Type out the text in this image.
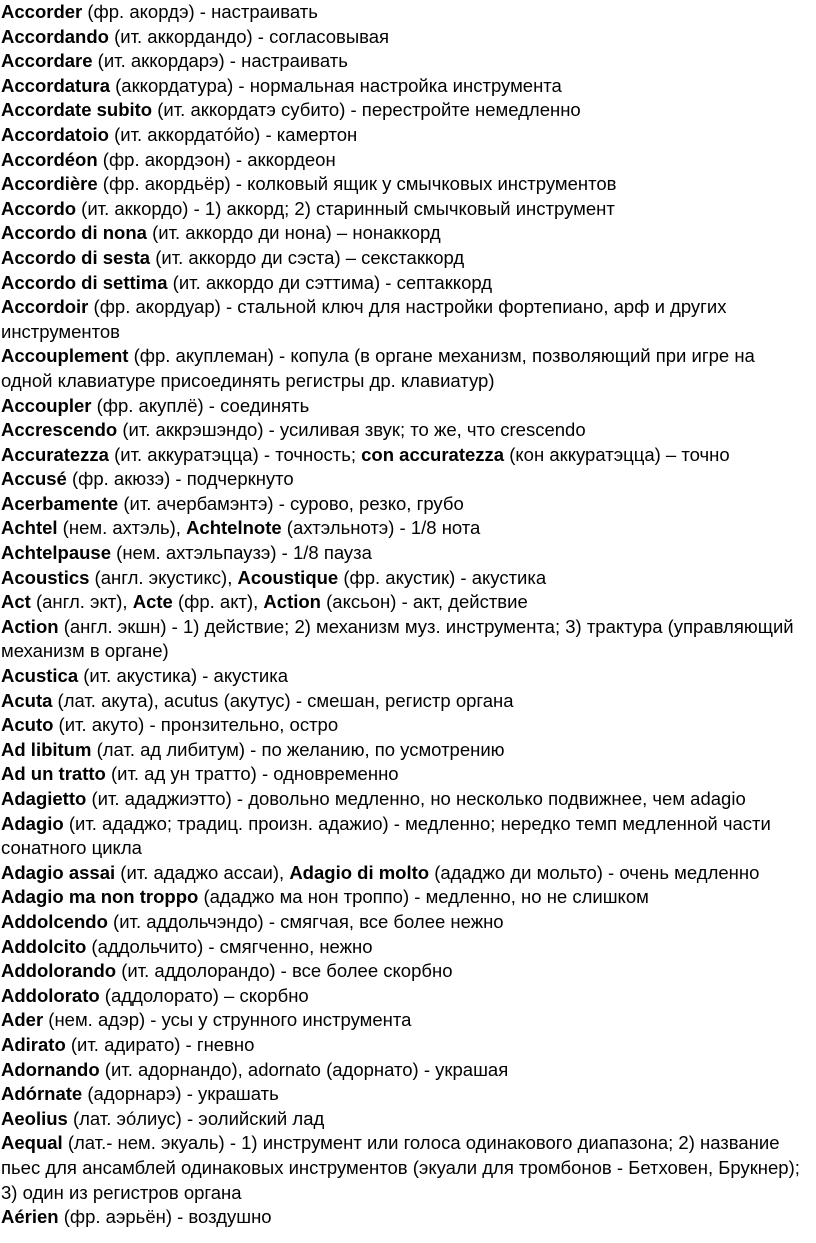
Accorder (фр. акордэ) - настраивать
Accordando (ит. аккордандо) - согласовывая
Accordare (ит. аккордарэ) - настраивать
Accordatura (аккордатура) - нормальная настройка инструмента
Accordate subito (ит. аккордатэ субито) - перестройте немедленно
Accordatoio (ит. аккордатóйо) - камертон
Accordéon (фр. акордэон) - аккордеон
Accordière (фр. акордьёр) - колковый ящик у смычковых инструментов
Accordo (ит. аккордо) - 1) аккорд; 2) старинный смычковый инструмент
Accordo di nona (ит. аккордо ди нона) – нонаккорд
Accordo di sesta (ит. аккордо ди сэста) – секстаккорд
Accordo di settima (ит. аккордо ди сэттима) - септаккорд
Accordoir (фр. акордуар) - стальной ключ для настройки фортепиано, арф и других инструментов
Accouplement (фр. акуплеман) - копула (в органе механизм, позволяющий при игре на одной клавиатуре присоединять регистры др. клавиатур)
Accoupler (фр. акуплё) - соединять
Accrescendo (ит. аккрэшэндо) - усиливая звук; то же, что crescendo
Accuratezza (ит. аккуратэцца) - точность; con accuratezza (кон аккуратэцца) – точно
Accusé (фр. акюзэ) - подчеркнуто
Acerbamente (ит. ачербамэнтэ) - сурово, резко, грубо
Achtel (нем. ахтэль), Achtelnote (ахтэльнотэ) - 1/8 нота
Achtelpause (нем. ахтэльпаузэ) - 1/8 пауза
Acoustics (англ. экустикс), Acoustique (фр. акустик) - акустика
Act (англ. экт), Acte (фр. акт), Action (аксьон) - акт, действие
Action (англ. экшн) - 1) действие; 2) механизм муз. инструмента; 3) трактура (управляющий механизм в органе)
Acustica (ит. акустика) - акустика
Acuta (лат. акута), acutus (акутус) - смешан, регистр органа
Acuto (ит. акуто) - пронзительно, остро
Ad libitum (лат. ад либитум) - по желанию, по усмотрению
Ad un tratto (ит. ад ун тратто) - одновременно
Adagietto (ит. ададжиэтто) - довольно медленно, но несколько подвижнее, чем adagio
Adagio (ит. ададжо; традиц. произн. адажио) - медленно; нередко темп медленной части сонатного цикла
Adagio assai (ит. ададжо ассаи), Adagio di molto (ададжо ди мольто) - очень медленно
Adagio ma non troppo (ададжо ма нон троппо) - медленно, но не слишком
Addolcendo (ит. аддольчэндо) - смягчая, все более нежно
Addolcito (аддольчито) - смягченно, нежно
Addolorando (ит. аддолорандо) - все более скорбно
Addolorato (аддолорато) – скорбно
Ader (нем. адэр) - усы у струнного инструмента
Adirato (ит. адирато) - гневно
Adornando (ит. адорнандо), adornato (адорнато) - украшая
Adórnate (адорнарэ) - украшать
Aeolius (лат. эóлиус) - эолийский лад
Aequal (лат.- нем. экуаль) - 1) инструмент или голоса одинакового диапазона; 2) название пьес для ансамблей одинаковых инструментов (экуали для тромбонов - Бетховен, Брукнер); 3) один из регистров органа
Aérien (фр. аэрьён) - воздушно
